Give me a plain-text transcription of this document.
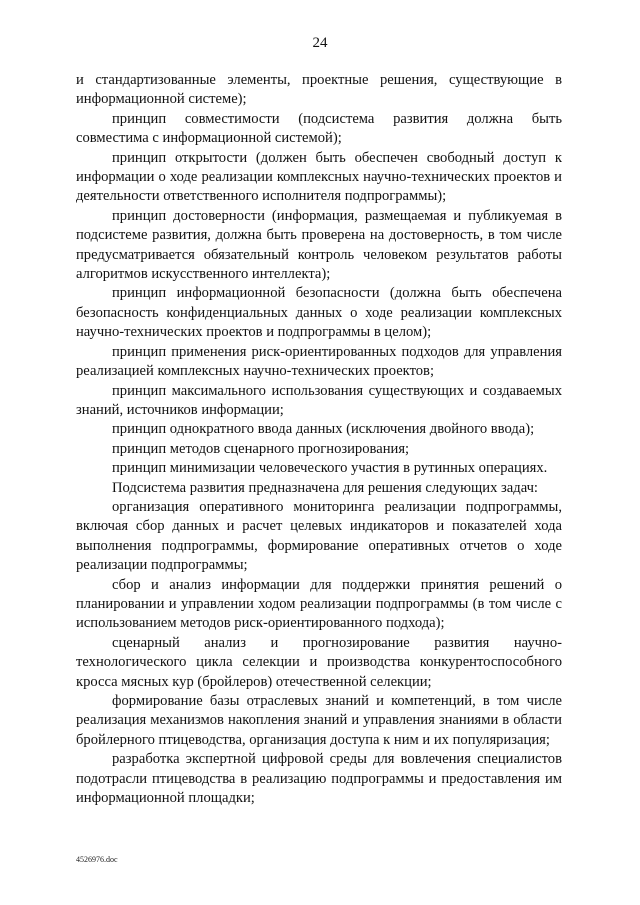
24

и стандартизованные элементы, проектные решения, существующие в информационной системе);

принцип совместимости (подсистема развития должна быть совместима с информационной системой);

принцип открытости (должен быть обеспечен свободный доступ к информации о ходе реализации комплексных научно-технических проектов и деятельности ответственного исполнителя подпрограммы);

принцип достоверности (информация, размещаемая и публикуемая в подсистеме развития, должна быть проверена на достоверность, в том числе предусматривается обязательный контроль человеком результатов работы алгоритмов искусственного интеллекта);

принцип информационной безопасности (должна быть обеспечена безопасность конфиденциальных данных о ходе реализации комплексных научно-технических проектов и подпрограммы в целом);

принцип применения риск-ориентированных подходов для управления реализацией комплексных научно-технических проектов;

принцип максимального использования существующих и создаваемых знаний, источников информации;

принцип однократного ввода данных (исключения двойного ввода);

принцип методов сценарного прогнозирования;

принцип минимизации человеческого участия в рутинных операциях.

Подсистема развития предназначена для решения следующих задач:

организация оперативного мониторинга реализации подпрограммы, включая сбор данных и расчет целевых индикаторов и показателей хода выполнения подпрограммы, формирование оперативных отчетов о ходе реализации подпрограммы;

сбор и анализ информации для поддержки принятия решений о планировании и управлении ходом реализации подпрограммы (в том числе с использованием методов риск-ориентированного подхода);

сценарный анализ и прогнозирование развития научно-технологического цикла селекции и производства конкурентоспособного кросса мясных кур (бройлеров) отечественной селекции;

формирование базы отраслевых знаний и компетенций, в том числе реализация механизмов накопления знаний и управления знаниями в области бройлерного птицеводства, организация доступа к ним и их популяризация;

разработка экспертной цифровой среды для вовлечения специалистов подотрасли птицеводства в реализацию подпрограммы и предоставления им информационной площадки;

4526976.doc
